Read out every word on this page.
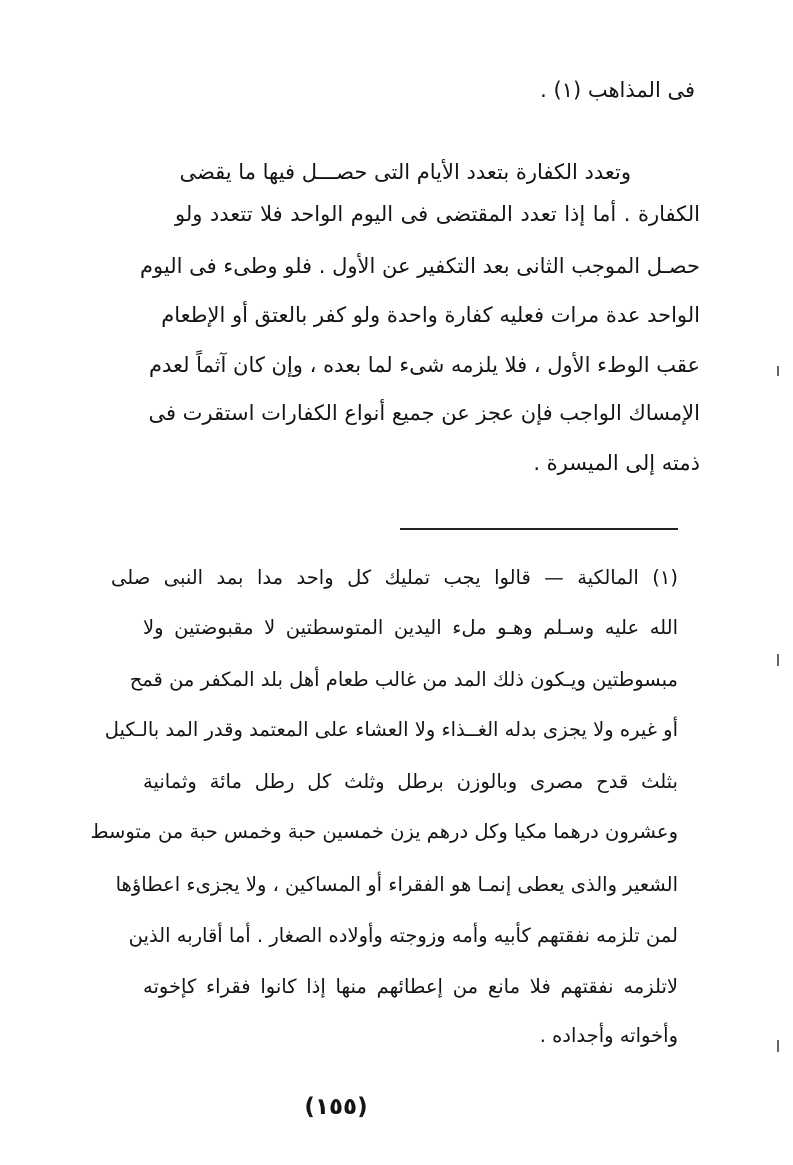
فى المذاهب (١) .
وتعدد الكفارة بتعدد الأيام التى حصـــل فيها ما يقضى
الكفارة . أما إذا تعدد المقتضى فى اليوم الواحد فلا تتعدد ولو
حصـل الموجب الثانى بعد التكفير عن الأول . فلو وطىء فى اليوم
الواحد عدة مرات فعليه كفارة واحدة ولو كفر بالعتق أو الإطعام
عقب الوطء الأول ، فلا يلزمه شىء لما بعده ، وإن كان آثماً لعدم
الإمساك الواجب فإن عجز عن جميع أنواع الكفارات استقرت فى
ذمته إلى الميسرة .
(١) المالكية — قالوا يجب تمليك كل واحد مدا بمد النبى صلى
الله عليه وسـلم وهـو ملء اليدين المتوسطتين لا مقبوضتين ولا
مبسوطتين ويـكون ذلك المد من غالب طعام أهل بلد المكفر من قمح
أو غيره ولا يجزى بدله الغــذاء ولا العشاء على المعتمد وقدر المد بالـكيل
بثلث قدح مصرى وبالوزن برطل وثلث كل رطل مائة وثمانية
وعشرون درهما مكيا وكل درهم يزن خمسين حبة وخمس حبة من متوسط
الشعير والذى يعطى إنمـا هو الفقراء أو المساكين ، ولا يجزىء اعطاؤها
لمن تلزمه نفقتهم كأبيه وأمه وزوجته وأولاده الصغار . أما أقاربه الذين
لاتلزمه نفقتهم فلا مانع من إعطائهم منها إذا كانوا فقراء كإخوته
وأخواته وأجداده .
(١٥٥)
